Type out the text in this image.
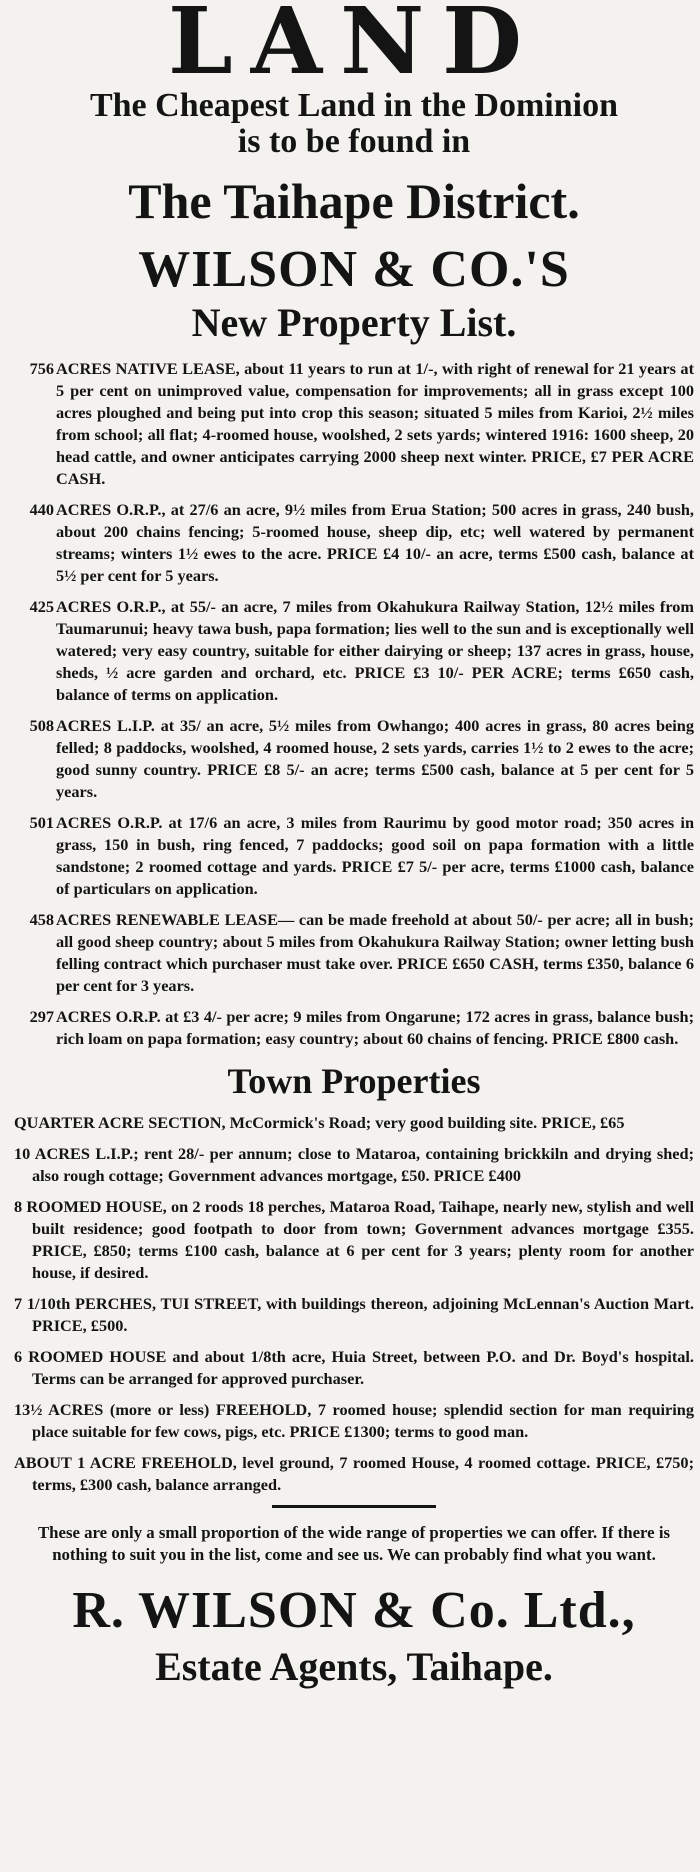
LAND
The Cheapest Land in the Dominion
is to be found in
The Taihape District.
WILSON & CO.'S
New Property List.

756 ACRES NATIVE LEASE, about 11 years to run at 1/-, with right of renewal for 21 years at 5 per cent on unimproved value, compensation for improvements; all in grass except 100 acres ploughed and being put into crop this season; situated 5 miles from Karioi, 2½ miles from school; all flat; 4-roomed house, woolshed, 2 sets yards; wintered 1916: 1600 sheep, 20 head cattle, and owner anticipates carrying 2000 sheep next winter. PRICE, £7 PER ACRE CASH.

440 ACRES O.R.P., at 27/6 an acre, 9½ miles from Erua Station; 500 acres in grass, 240 bush, about 200 chains fencing; 5-roomed house, sheep dip, etc; well watered by permanent streams; winters 1½ ewes to the acre. PRICE £4 10/- an acre, terms £500 cash, balance at 5½ per cent for 5 years.

425 ACRES O.R.P., at 55/- an acre, 7 miles from Okahukura Railway Station, 12½ miles from Taumarunui; heavy tawa bush, papa formation; lies well to the sun and is exceptionally well watered; very easy country, suitable for either dairying or sheep; 137 acres in grass, house, sheds, ½ acre garden and orchard, etc. PRICE £3 10/- PER ACRE; terms £650 cash, balance of terms on application.

508 ACRES L.I.P. at 35/ an acre, 5½ miles from Owhango; 400 acres in grass, 80 acres being felled; 8 paddocks, woolshed, 4 roomed house, 2 sets yards, carries 1½ to 2 ewes to the acre; good sunny country. PRICE £8 5/- an acre; terms £500 cash, balance at 5 per cent for 5 years.

501 ACRES O.R.P. at 17/6 an acre, 3 miles from Raurimu by good motor road; 350 acres in grass, 150 in bush, ring fenced, 7 paddocks; good soil on papa formation with a little sandstone; 2 roomed cottage and yards. PRICE £7 5/- per acre, terms £1000 cash, balance of particulars on application.

458 ACRES RENEWABLE LEASE— can be made freehold at about 50/- per acre; all in bush; all good sheep country; about 5 miles from Okahukura Railway Station; owner letting bush felling contract which purchaser must take over. PRICE £650 CASH, terms £350, balance 6 per cent for 3 years.

297 ACRES O.R.P. at £3 4/- per acre; 9 miles from Ongarune; 172 acres in grass, balance bush; rich loam on papa formation; easy country; about 60 chains of fencing. PRICE £800 cash.

Town Properties

QUARTER ACRE SECTION, McCormick's Road; very good building site. PRICE, £65

10 ACRES L.I.P.; rent 28/- per annum; close to Mataroa, containing brickkiln and drying shed; also rough cottage; Government advances mortgage, £50. PRICE £400

8 ROOMED HOUSE, on 2 roods 18 perches, Mataroa Road, Taihape, nearly new, stylish and well built residence; good footpath to door from town; Government advances mortgage £355. PRICE, £850; terms £100 cash, balance at 6 per cent for 3 years; plenty room for another house, if desired.

7 1/10th PERCHES, TUI STREET, with buildings thereon, adjoining McLennan's Auction Mart. PRICE, £500.

6 ROOMED HOUSE and about 1/8th acre, Huia Street, between P.O. and Dr. Boyd's hospital. Terms can be arranged for approved purchaser.

13½ ACRES (more or less) FREEHOLD, 7 roomed house; splendid section for man requiring place suitable for few cows, pigs, etc. PRICE £1300; terms to good man.

ABOUT 1 ACRE FREEHOLD, level ground, 7 roomed House, 4 roomed cottage. PRICE, £750; terms, £300 cash, balance arranged.

These are only a small proportion of the wide range of properties we can offer. If there is nothing to suit you in the list, come and see us. We can probably find what you want.

R. WILSON & Co. Ltd.,
Estate Agents, Taihape.
